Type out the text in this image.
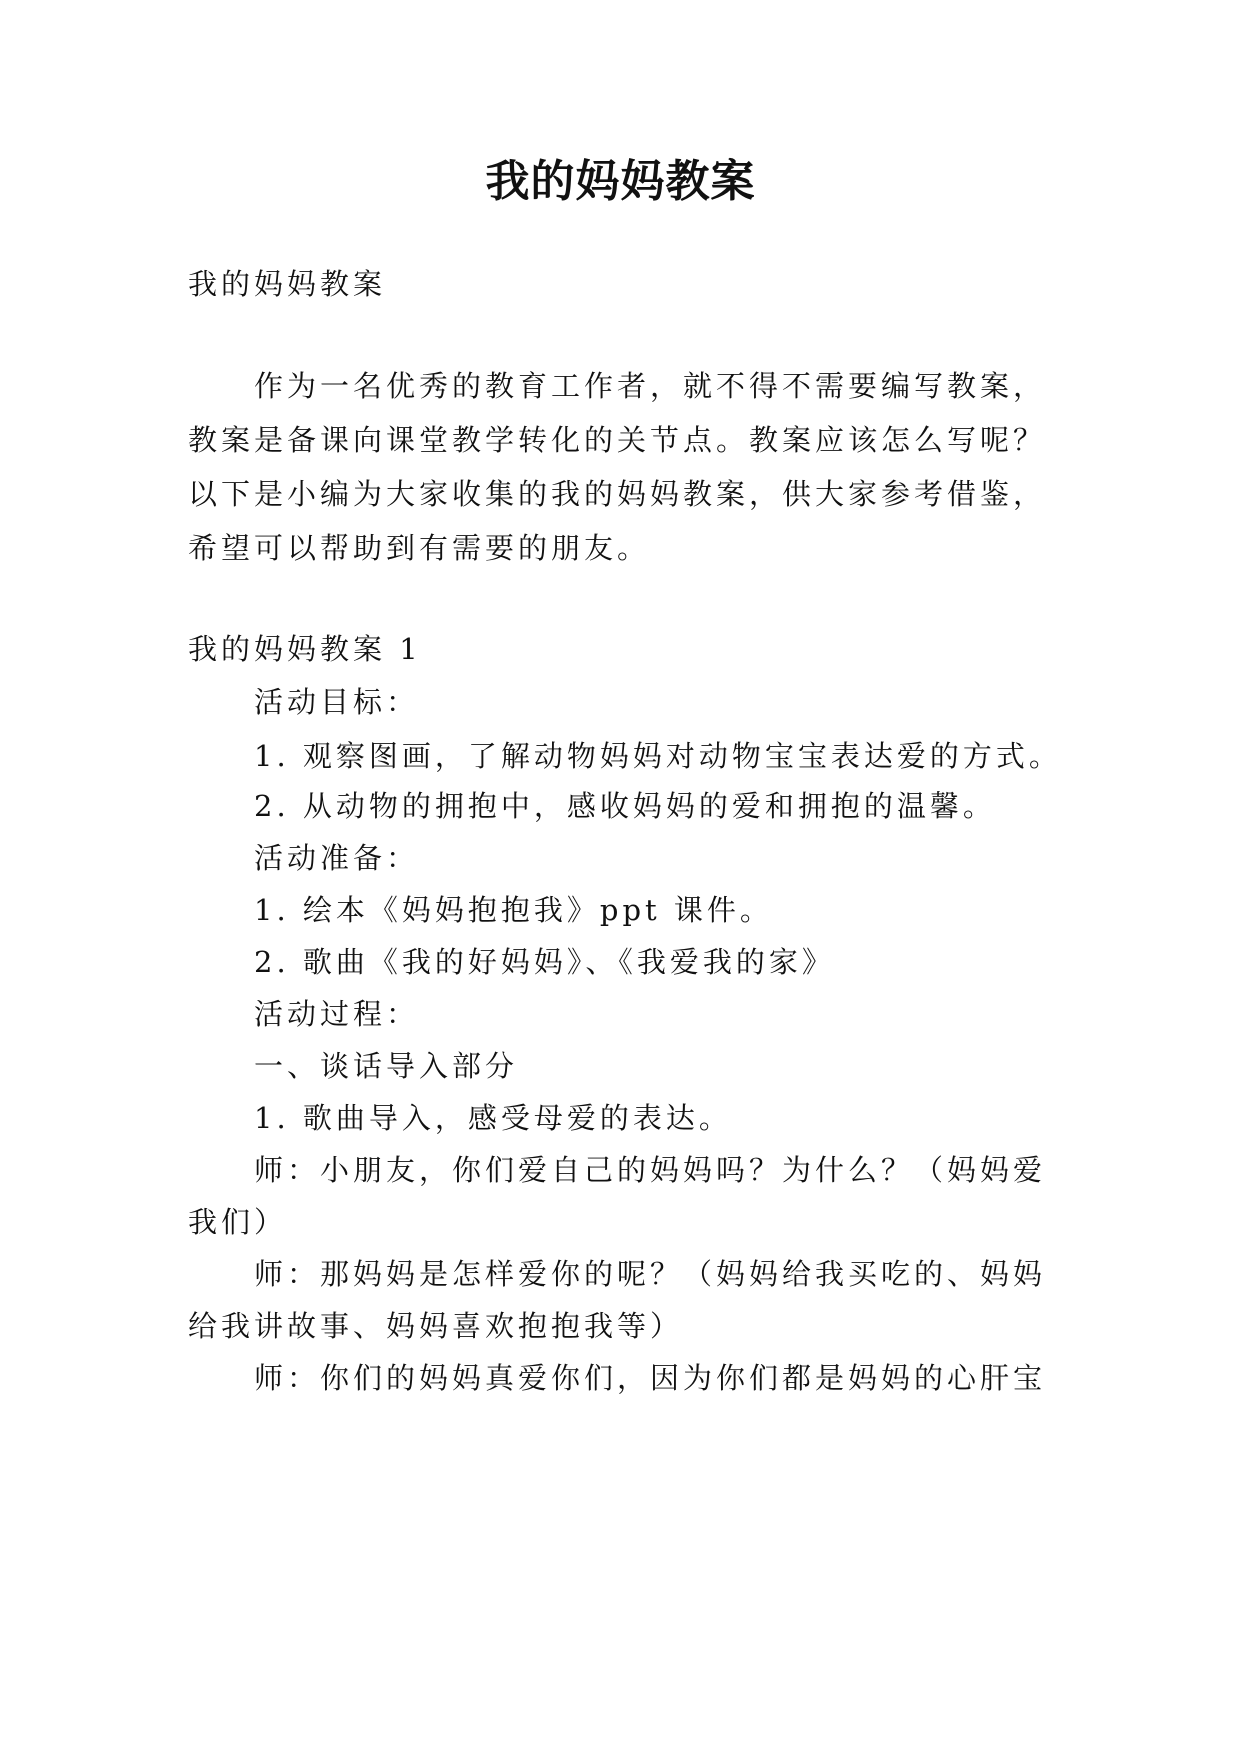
我的妈妈教案
我的妈妈教案
作为一名优秀的教育工作者，就不得不需要编写教案，
教案是备课向课堂教学转化的关节点。教案应该怎么写呢？
以下是小编为大家收集的我的妈妈教案，供大家参考借鉴，
希望可以帮助到有需要的朋友。
我的妈妈教案 1
活动目标：
1. 观察图画，了解动物妈妈对动物宝宝表达爱的方式。
2. 从动物的拥抱中，感收妈妈的爱和拥抱的温馨。
活动准备：
1. 绘本《妈妈抱抱我》ppt 课件。
2. 歌曲《我的好妈妈》、《我爱我的家》
活动过程：
一、谈话导入部分
1. 歌曲导入，感受母爱的表达。
师：小朋友，你们爱自己的妈妈吗？为什么？（妈妈爱
我们）
师：那妈妈是怎样爱你的呢？（妈妈给我买吃的、妈妈
给我讲故事、妈妈喜欢抱抱我等）
师：你们的妈妈真爱你们，因为你们都是妈妈的心肝宝
